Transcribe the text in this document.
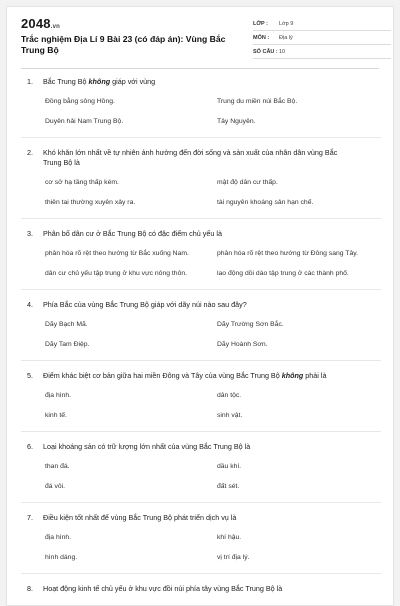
2048.vn
Trắc nghiệm Địa Lí 9 Bài 23 (có đáp án): Vùng Bắc Trung Bộ
LỚP :	Lớp 9
MÔN :	Địa lý
SỐ CÂU : 10
1.	Bắc Trung Bộ không giáp với vùng
Đồng bằng sông Hồng.	Trung du miền núi Bắc Bộ.
Duyên hải Nam Trung Bộ.	Tây Nguyên.
2.	Khó khăn lớn nhất về tự nhiên ảnh hưởng đến đời sống và sản xuất của nhân dân vùng Bắc Trung Bộ là
cơ sở hạ tầng thấp kém.	mật độ dân cư thấp.
thiên tai thường xuyên xảy ra.	tài nguyên khoáng sản hạn chế.
3.	Phân bố dân cư ở Bắc Trung Bộ có đặc điểm chủ yếu là
phân hóa rõ rệt theo hướng từ Bắc xuống Nam.	phân hóa rõ rệt theo hướng từ Đông sang Tây.
dân cư chủ yếu tập trung ở khu vực nông thôn.	lao động dồi dào tập trung ở các thành phố.
4.	Phía Bắc của vùng Bắc Trung Bộ giáp với dãy núi nào sau đây?
Dãy Bạch Mã.	Dãy Trường Sơn Bắc.
Dãy Tam Điệp.	Dãy Hoành Sơn.
5.	Điểm khác biệt cơ bản giữa hai miền Đông và Tây của vùng Bắc Trung Bộ không phải là
địa hình.	dân tộc.
kinh tế.	sinh vật.
6.	Loại khoáng sản có trữ lượng lớn nhất của vùng Bắc Trung Bộ là
than đá.	dầu khí.
đá vôi.	đất sét.
7.	Điều kiện tốt nhất để vùng Bắc Trung Bộ phát triển dịch vụ là
địa hình.	khí hậu.
hình dáng.	vị trí địa lý.
8.	Hoạt động kinh tế chủ yếu ở khu vực đồi núi phía tây vùng Bắc Trung Bộ là
